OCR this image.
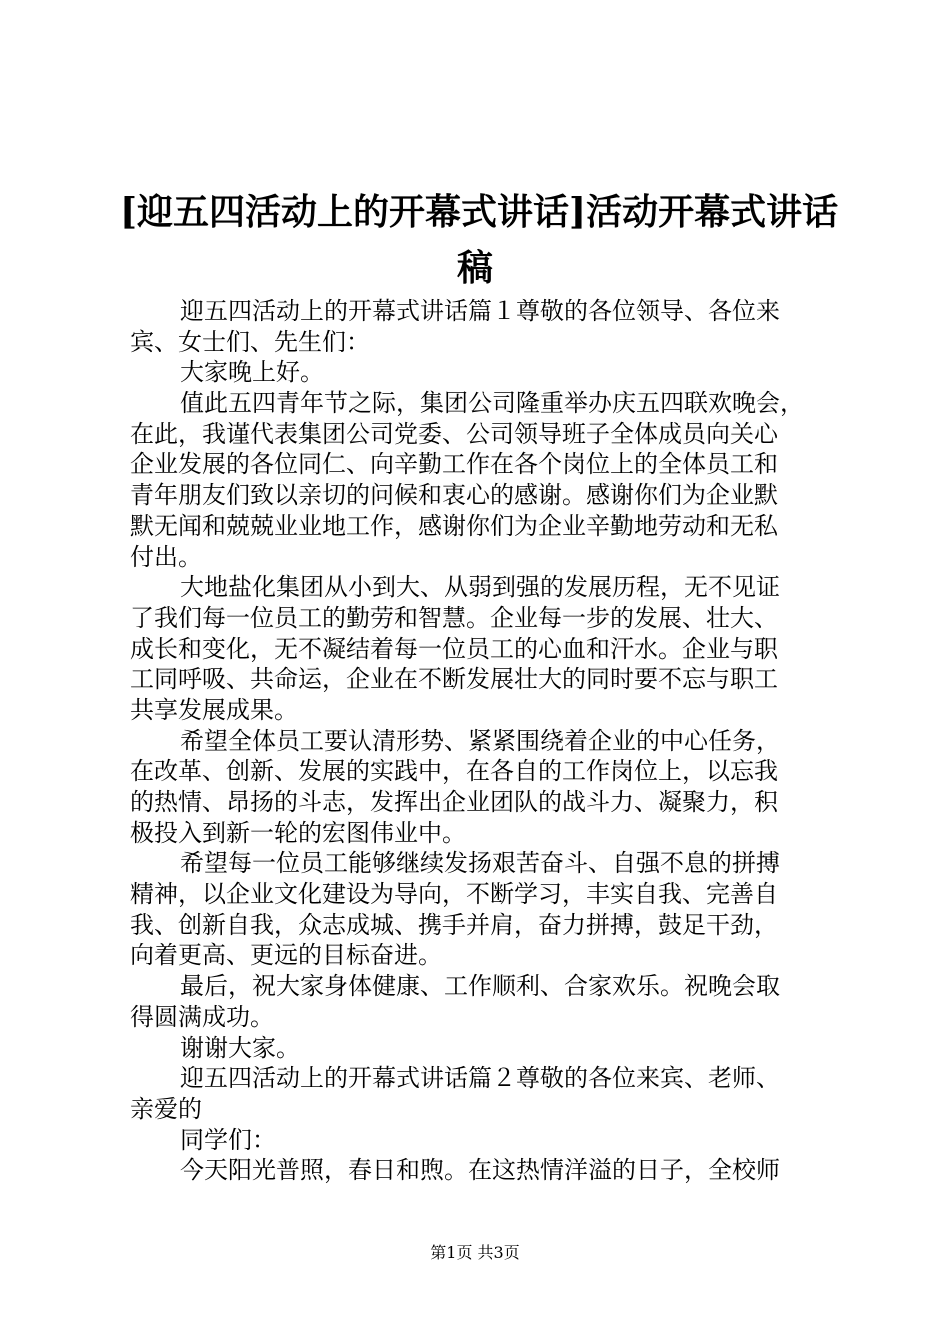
[迎五四活动上的开幕式讲话]活动开幕式讲话
稿
迎五四活动上的开幕式讲话篇１尊敬的各位领导、各位来
宾、女士们、先生们：
大家晚上好。
值此五四青年节之际，集团公司隆重举办庆五四联欢晚会，
在此，我谨代表集团公司党委、公司领导班子全体成员向关心
企业发展的各位同仁、向辛勤工作在各个岗位上的全体员工和
青年朋友们致以亲切的问候和衷心的感谢。感谢你们为企业默
默无闻和兢兢业业地工作，感谢你们为企业辛勤地劳动和无私
付出。
大地盐化集团从小到大、从弱到强的发展历程，无不见证
了我们每一位员工的勤劳和智慧。企业每一步的发展、壮大、
成长和变化，无不凝结着每一位员工的心血和汗水。企业与职
工同呼吸、共命运，企业在不断发展壮大的同时要不忘与职工
共享发展成果。
希望全体员工要认清形势、紧紧围绕着企业的中心任务，
在改革、创新、发展的实践中，在各自的工作岗位上，以忘我
的热情、昂扬的斗志，发挥出企业团队的战斗力、凝聚力，积
极投入到新一轮的宏图伟业中。
希望每一位员工能够继续发扬艰苦奋斗、自强不息的拼搏
精神，以企业文化建设为导向，不断学习，丰实自我、完善自
我、创新自我，众志成城、携手并肩，奋力拼搏，鼓足干劲，
向着更高、更远的目标奋进。
最后，祝大家身体健康、工作顺利、合家欢乐。祝晚会取
得圆满成功。
谢谢大家。
迎五四活动上的开幕式讲话篇２尊敬的各位来宾、老师、
亲爱的
同学们：
今天阳光普照，春日和煦。在这热情洋溢的日子，全校师
第1页 共3页
